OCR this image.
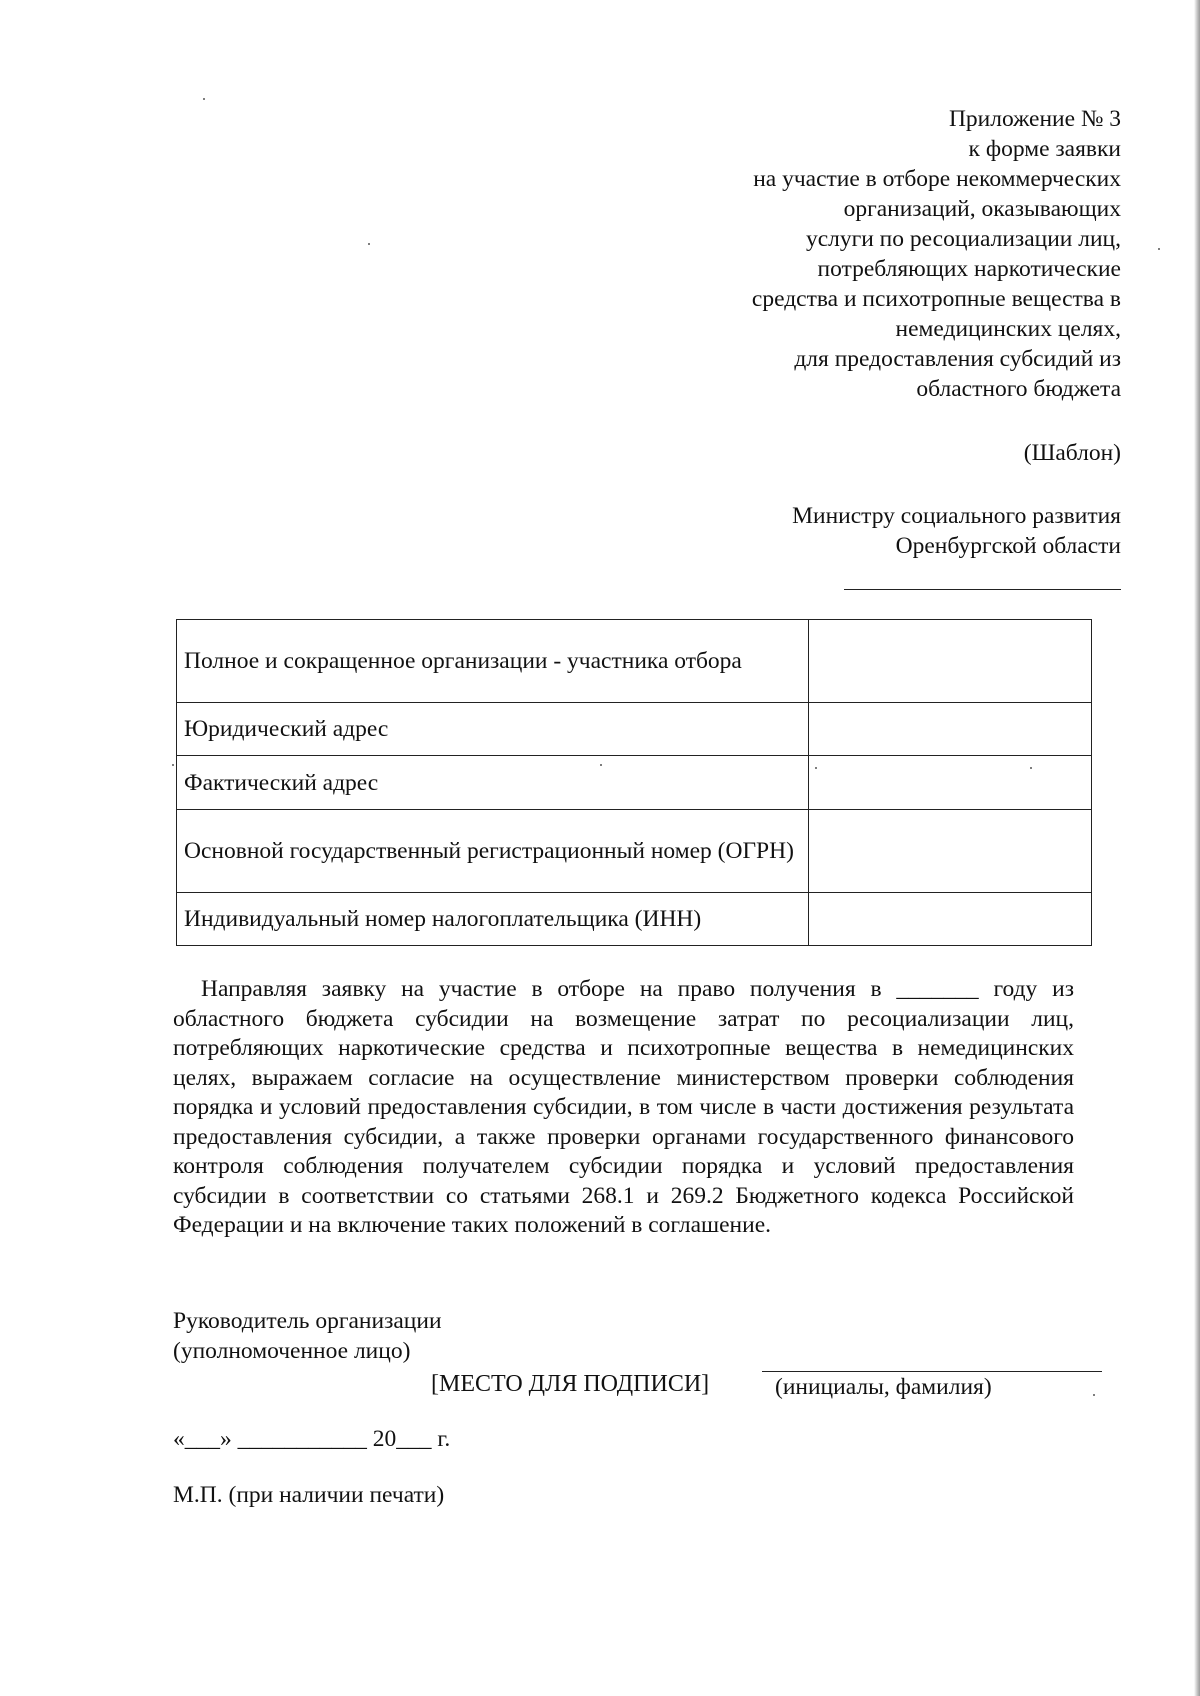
Приложение № 3
к форме заявки
на участие в отборе некоммерческих
организаций, оказывающих
услуги по ресоциализации лиц,
потребляющих наркотические
средства и психотропные вещества в
немедицинских целях,
для предоставления субсидий из
областного бюджета
(Шаблон)
Министру социального развития
Оренбургской области
Полное и сокращенное организации - участника отбора	
Юридический адрес	
Фактический адрес	
Основной государственный регистрационный номер (ОГРН)	
Индивидуальный номер налогоплательщика (ИНН)	
Направляя заявку на участие в отборе на право получения в _______ году из областного бюджета субсидии на возмещение затрат по ресоциализации лиц, потребляющих наркотические средства и психотропные вещества в немедицинских целях, выражаем согласие на осуществление министерством проверки соблюдения порядка и условий предоставления субсидии, в том числе в части достижения результата предоставления субсидии, а также проверки органами государственного финансового контроля соблюдения получателем субсидии порядка и условий предоставления субсидии в соответствии со статьями 268.1 и 269.2 Бюджетного кодекса Российской Федерации и на включение таких положений в соглашение.
Руководитель организации
(уполномоченное лицо)
[МЕСТО ДЛЯ ПОДПИСИ]	(инициалы, фамилия)
«___» ___________ 20___ г.
М.П. (при наличии печати)
